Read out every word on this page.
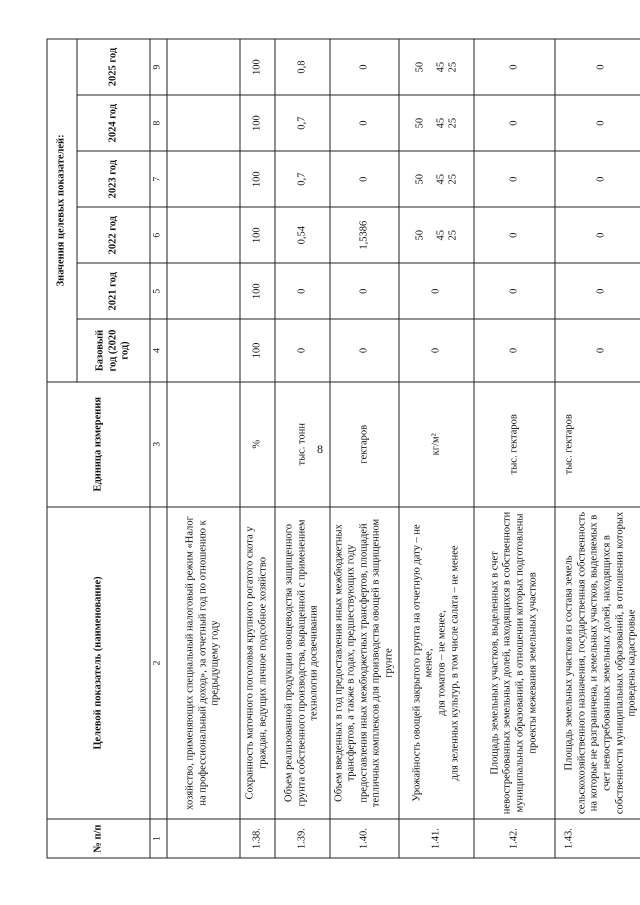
8
№ п/п	Целевой показатель (наименование)	Единица измерения	Значения целевых показателей:					
			Базовый год (2020 год)	2021 год	2022 год	2023 год	2024 год	2025 год
1	2	3	4	5	6	7	8	9
	хозяйство, применяющих специальный налоговый режим «Налог на профессиональный доход», за отчетный год по отношению к предыдущему году							
1.38.	Сохранность маточного поголовья крупного рогатого скота у граждан, ведущих личное подсобное хозяйство	%	100	100	100	100	100	100
1.39.	Объем реализованной продукции овощеводства защищенного грунта собственного производства, выращенной с применением технологии досвечивания	тыс. тонн	0	0	0,54	0,7	0,7	0,8
1.40.	Объем введенных в год предоставления иных межбюджетных трансфертов, а также в годах, предшествующих году предоставления иных межбюджетных трансфертов, площадей тепличных комплексов для производства овощей в защищенном грунте	гектаров	0	0	1,5386	0	0	0
1.41.	Урожайность овощей закрытого грунта на отчетную дату – не менее, для томатов – не менее, для зеленных культур, в том числе салата – не менее	кг/м²	0	0	50 45 25	50 45 25	50 45 25	50 45 25

1.42.	Площадь земельных участков, выделенных в счет невостребованных земельных долей, находящихся в собственности муниципальных образований, в отношении которых подготовлены проекты межевания земельных участков	тыс. гектаров	0	0	0	0	0	0
1.43.	Площадь земельных участков из состава земель сельскохозяйственного назначения, государственная собственность на которые не разграничена, и земельных участков, выделяемых в счет невостребованных земельных долей, находящихся в собственности муниципальных образований, в отношении которых проведены кадастровые	тыс. гектаров	0	0	0	0	0	0
